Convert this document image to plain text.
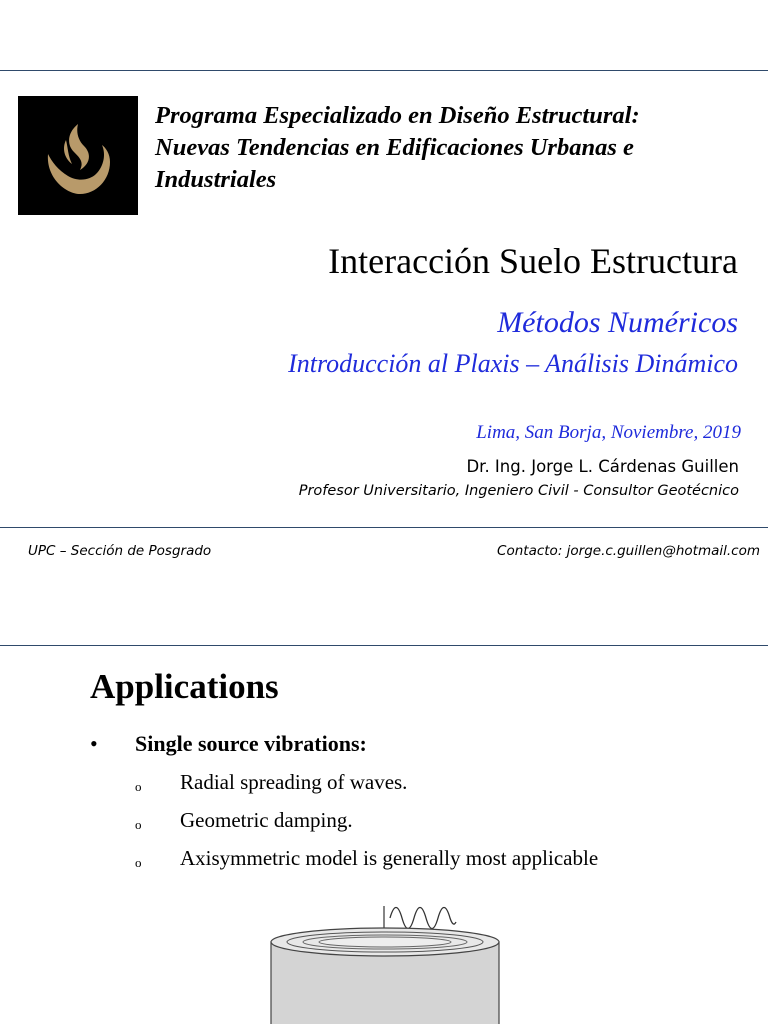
Programa Especializado en Diseño Estructural:
Nuevas Tendencias en Edificaciones Urbanas e
Industriales
Interacción Suelo Estructura
Métodos Numéricos
Introducción al Plaxis – Análisis Dinámico
Lima, San Borja, Noviembre, 2019
Dr. Ing. Jorge L. Cárdenas Guillen
Profesor Universitario, Ingeniero Civil - Consultor Geotécnico
UPC – Sección de Posgrado	Contacto: jorge.c.guillen@hotmail.com
Applications
• Single source vibrations:
o Radial spreading of waves.
o Geometric damping.
o Axisymmetric model is generally most applicable
